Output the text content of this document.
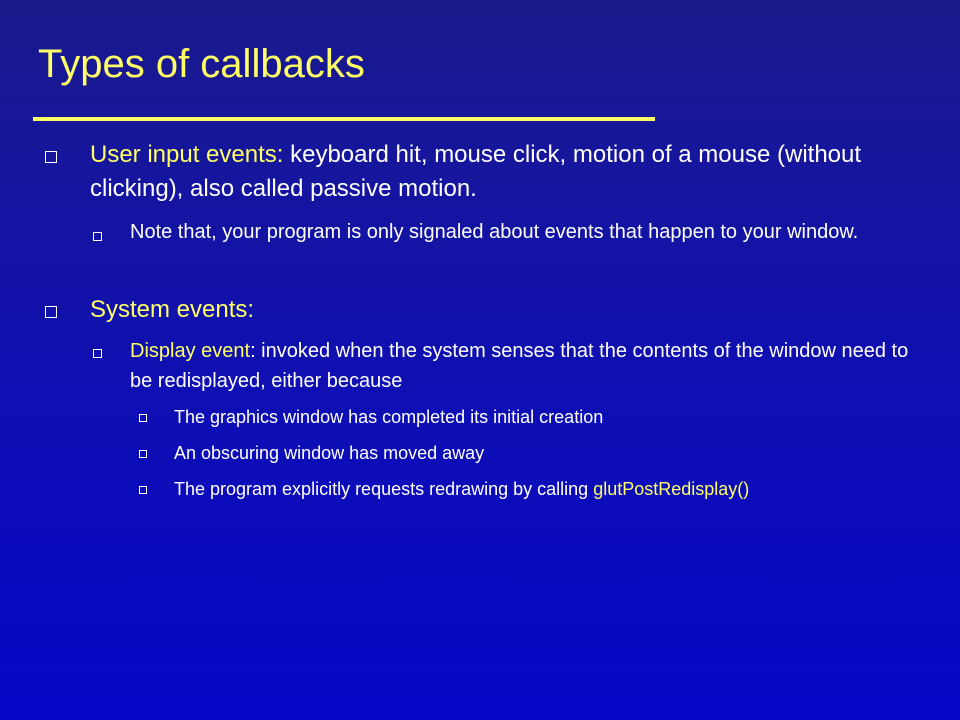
Types of callbacks
User input events: keyboard hit, mouse click, motion of a mouse (without clicking), also called passive motion.
Note that, your program is only signaled about events that happen to your window.
System events:
Display event: invoked when the system senses that the contents of the window need to be redisplayed, either because
The graphics window has completed its initial creation
An obscuring window has moved away
The program explicitly requests redrawing by calling glutPostRedisplay()
